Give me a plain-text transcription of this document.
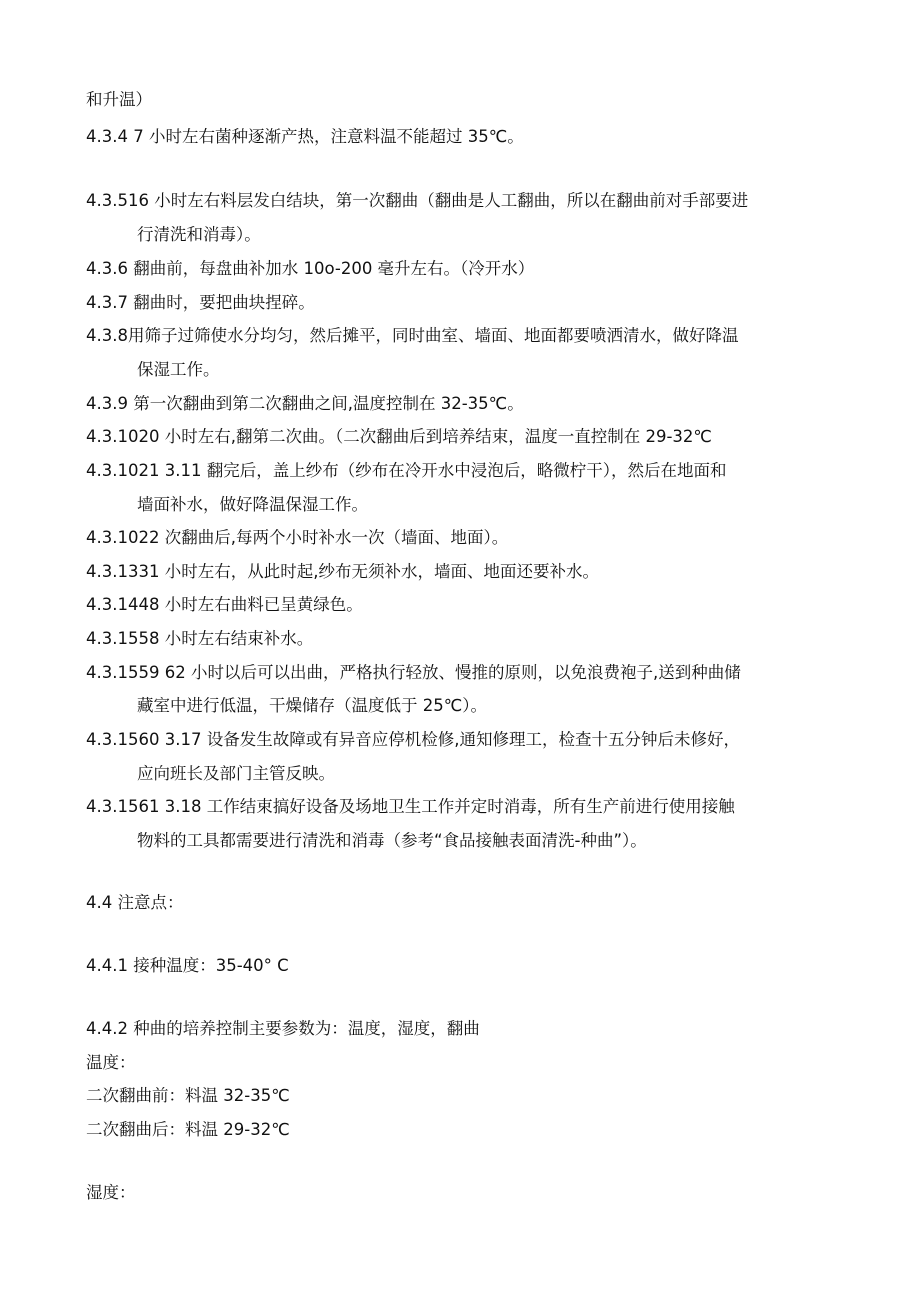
和升温）
4.3.4 7 小时左右菌种逐渐产热，注意料温不能超过 35℃。
4.3.516 小时左右料层发白结块，第一次翻曲（翻曲是人工翻曲，所以在翻曲前对手部要进
行清洗和消毒）。
4.3.6 翻曲前，每盘曲补加水 10o-200 毫升左右。（冷开水）
4.3.7 翻曲时，要把曲块捏碎。
4.3.8用筛子过筛使水分均匀，然后摊平，同时曲室、墙面、地面都要喷洒清水，做好降温
保湿工作。
4.3.9 第一次翻曲到第二次翻曲之间,温度控制在 32-35℃。
4.3.1020 小时左右,翻第二次曲。（二次翻曲后到培养结束，温度一直控制在 29-32℃
4.3.1021 3.11 翻完后，盖上纱布（纱布在冷开水中浸泡后，略微柠干），然后在地面和
墙面补水，做好降温保湿工作。
4.3.1022 次翻曲后,每两个小时补水一次（墙面、地面）。
4.3.1331 小时左右，从此时起,纱布无须补水，墙面、地面还要补水。
4.3.1448 小时左右曲料已呈黄绿色。
4.3.1558 小时左右结束补水。
4.3.1559 62 小时以后可以出曲，严格执行轻放、慢推的原则，以免浪费袍子,送到种曲储
藏室中进行低温，干燥储存（温度低于 25℃）。
4.3.1560 3.17 设备发生故障或有异音应停机检修,通知修理工，检查十五分钟后未修好，
应向班长及部门主管反映。
4.3.1561 3.18 工作结束搞好设备及场地卫生工作并定时消毒，所有生产前进行使用接触
物料的工具都需要进行清洗和消毒（参考“食品接触表面清洗-种曲”）。
4.4 注意点：
4.4.1 接种温度：35-40° C
4.4.2 种曲的培养控制主要参数为：温度，湿度，翻曲
温度：
二次翻曲前：料温 32-35℃
二次翻曲后：料温 29-32℃
湿度：
